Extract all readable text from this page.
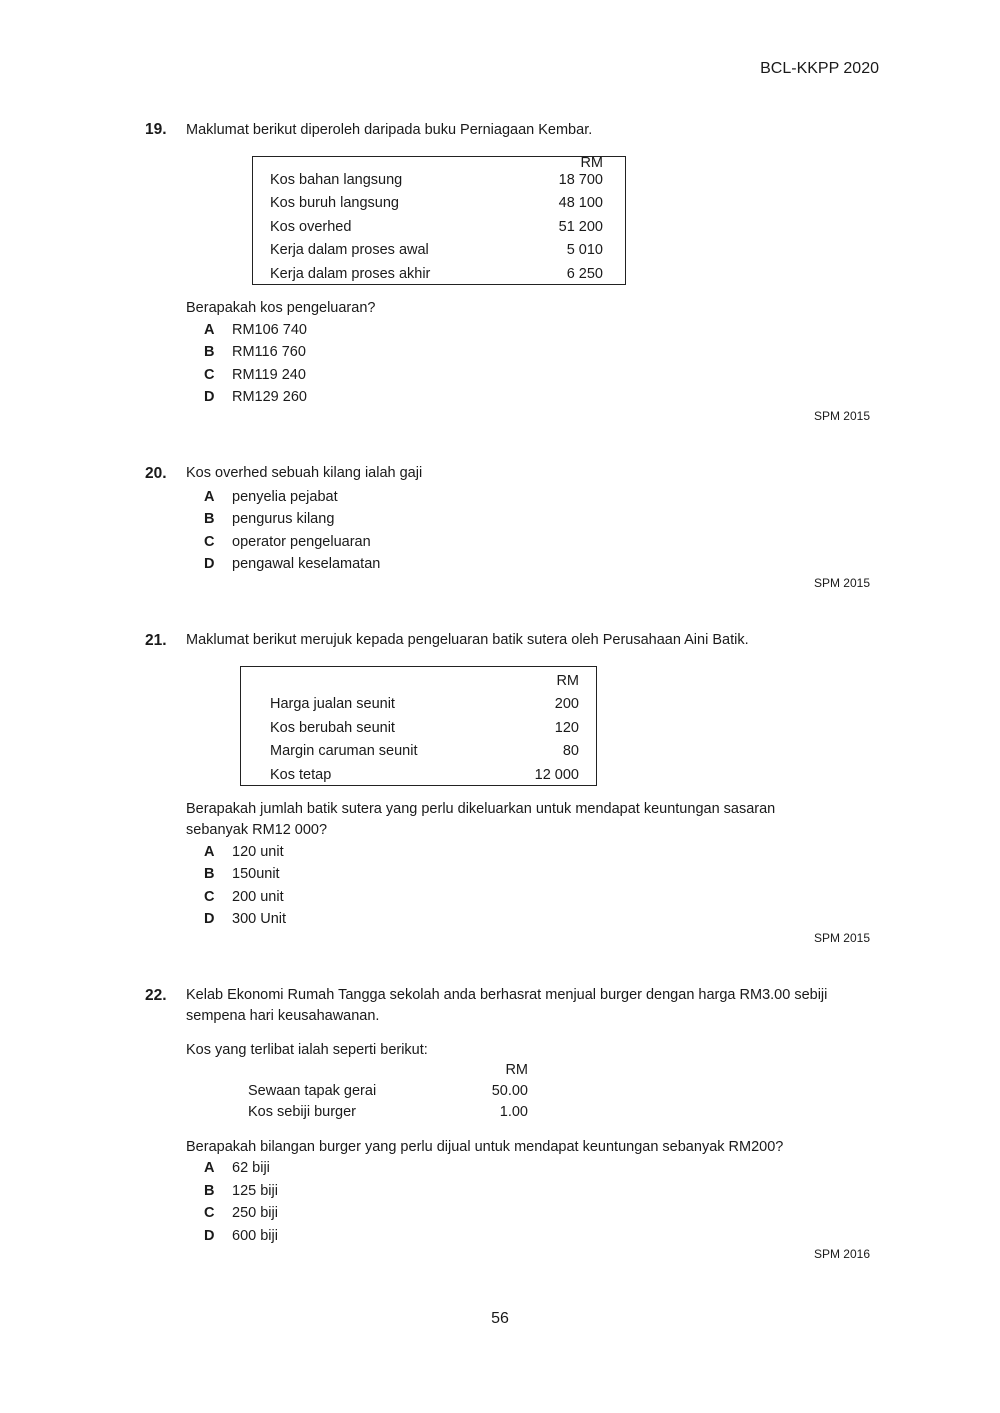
BCL-KKPP 2020
19. Maklumat berikut diperoleh daripada buku Perniagaan Kembar.
RM
Kos bahan langsung	18 700
Kos buruh langsung	48 100
Kos overhed	51 200
Kerja dalam proses awal	5 010
Kerja dalam proses akhir	6 250
Berapakah kos pengeluaran?
A RM106 740
B RM116 760
C RM119 240
D RM129 260
SPM 2015
20. Kos overhed sebuah kilang ialah gaji
A penyelia pejabat
B pengurus kilang
C operator pengeluaran
D pengawal keselamatan
SPM 2015
21. Maklumat berikut merujuk kepada pengeluaran batik sutera oleh Perusahaan Aini Batik.
	RM
Harga jualan seunit	200
Kos berubah seunit	120
Margin caruman seunit	80
Kos tetap	12 000
Berapakah jumlah batik sutera yang perlu dikeluarkan untuk mendapat keuntungan sasaran
sebanyak RM12 000?
A 120 unit
B 150unit
C 200 unit
D 300 Unit
SPM 2015
22. Kelab Ekonomi Rumah Tangga sekolah anda berhasrat menjual burger dengan harga RM3.00 sebiji
sempena hari keusahawanan.
Kos yang terlibat ialah seperti berikut:
RM
Sewaan tapak gerai	50.00
Kos sebiji burger	1.00
Berapakah bilangan burger yang perlu dijual untuk mendapat keuntungan sebanyak RM200?
A 62 biji
B 125 biji
C 250 biji
D 600 biji
SPM 2016
56
